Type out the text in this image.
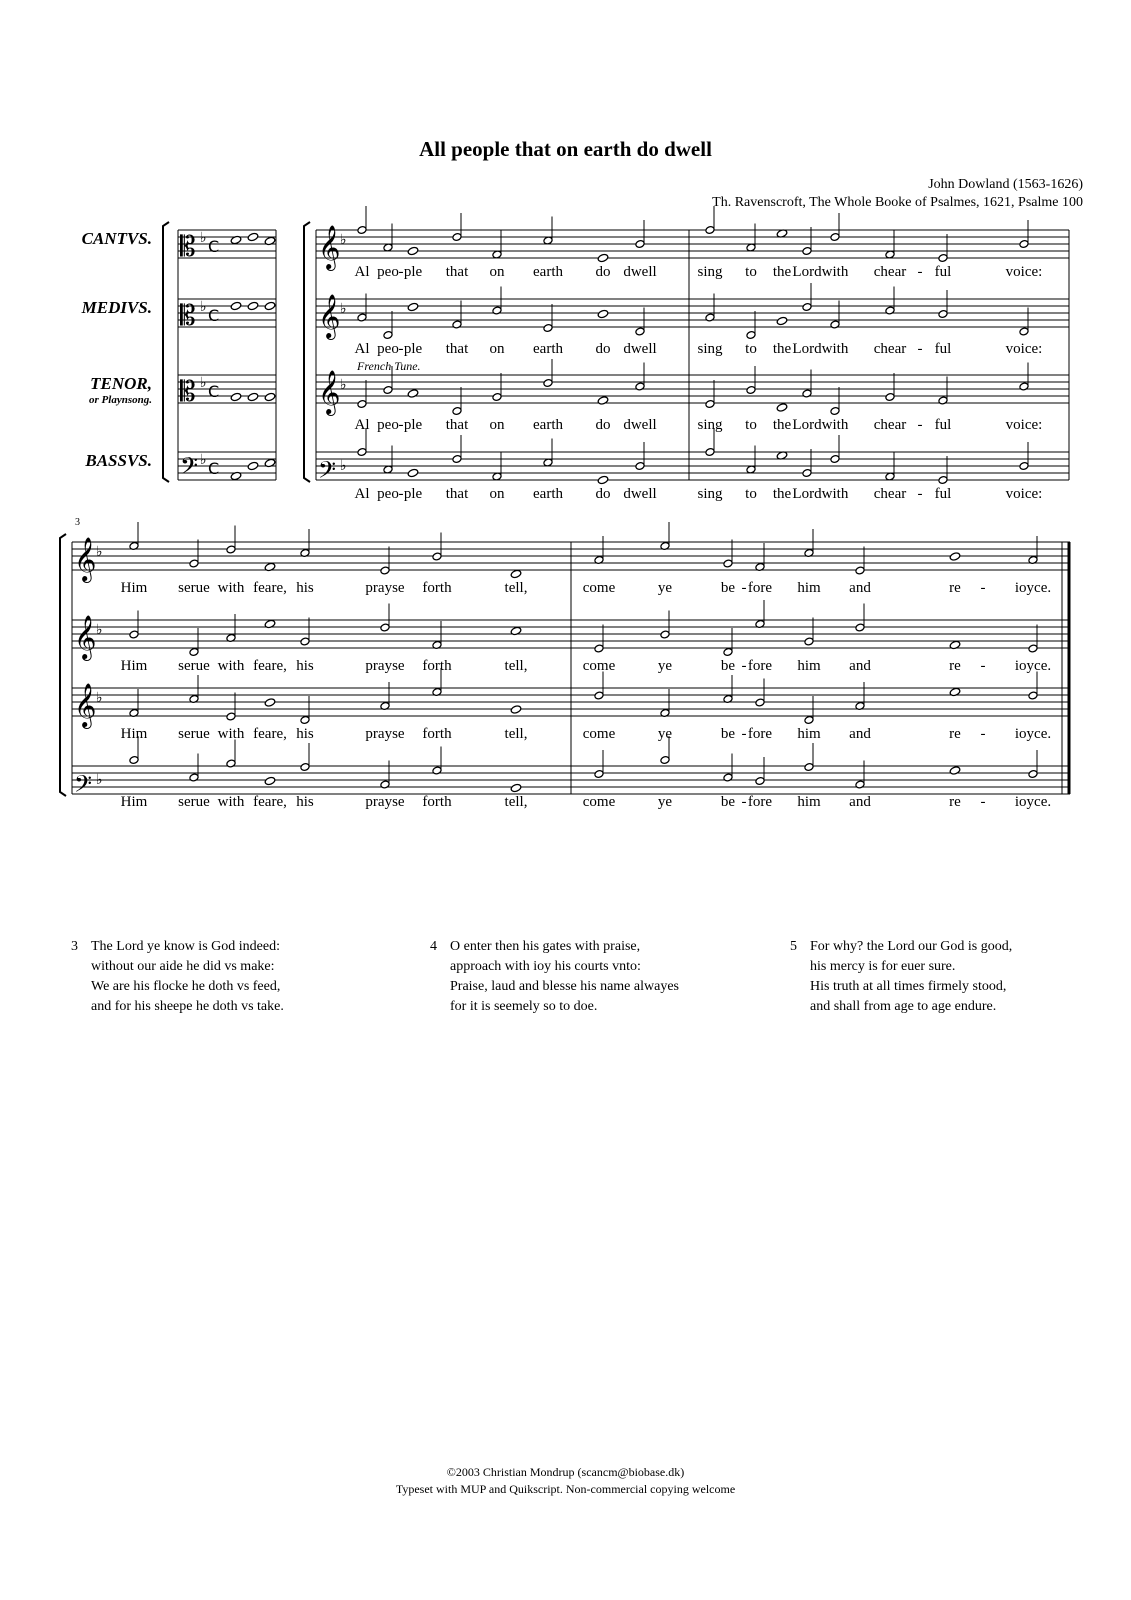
All people that on earth do dwell
John Dowland (1563-1626)
Th. Ravenscroft, The Whole Booke of Psalmes, 1621, Psalme 100
CANTVS.
MEDIVS.
TENOR,
or Playnsong.
BASSVS.
French Tune.
3
𝄡 ♭ C
𝄡 ♭ C
𝄡 ♭ C
𝄢 ♭ C
𝄞 ♭
𝄞 ♭
𝄞 ♭
𝄢 ♭
𝄞 ♭
𝄞 ♭
𝄞 ♭
𝄢 ♭
Al peo - ple that on earth do dwell	sing to the Lord with chear - ful	voice:
Al peo - ple that on earth do dwell	sing to the Lord with chear - ful	voice:
Al peo - ple that on earth do dwell	sing to the Lord with chear - ful	voice:
Al peo - ple that on earth do dwell	sing to the Lord with chear - ful	voice:
Him serue with feare, his	prayse forth	tell,	come	ye	be - fore him and	re - ioyce.
Him serue with feare, his	prayse forth	tell,	come	ye	be - fore him and	re - ioyce.
Him serue with feare, his	prayse forth	tell,	come	ye	be - fore him and	re - ioyce.
Him serue with feare, his	prayse forth	tell,	come	ye	be - fore him and	re - ioyce.
3 The Lord ye know is God indeed:
without our aide he did vs make:
We are his flocke he doth vs feed,
and for his sheepe he doth vs take.
4 O enter then his gates with praise,
approach with ioy his courts vnto:
Praise, laud and blesse his name alwayes
for it is seemely so to doe.
5 For why? the Lord our God is good,
his mercy is for euer sure.
His truth at all times firmely stood,
and shall from age to age endure.
©2003 Christian Mondrup (scancm@biobase.dk)
Typeset with MUP and Quikscript. Non-commercial copying welcome
